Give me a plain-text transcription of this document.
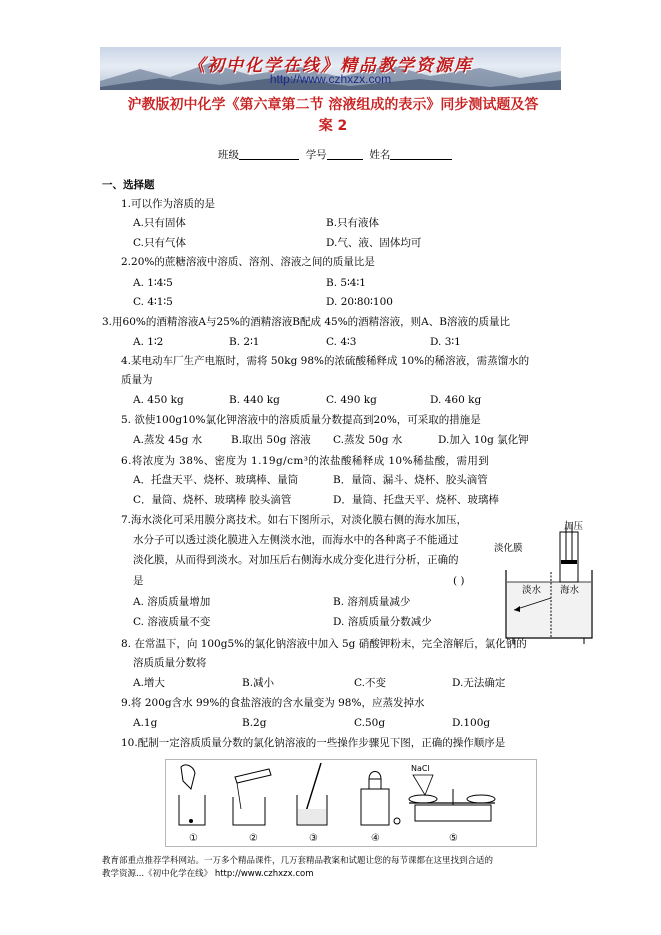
《初中化学在线》精品教学资源库
http://www.czhxzx.com
沪教版初中化学《第六章第二节 溶液组成的表示》同步测试题及答
案 2
班级	学号	姓名
一、选择题
1.可以作为溶质的是
A.只有固体	B.只有液体
C.只有气体	D.气、液、固体均可
2.20%的蔗糖溶液中溶质、溶剂、溶液之间的质量比是
A. 1∶4∶5	B. 5∶4∶1
C. 4∶1∶5	D. 20∶80∶100
3.用60%的酒精溶液A与25%的酒精溶液B配成 45%的酒精溶液，则A、B溶液的质量比
A. 1∶2	B. 2∶1	C. 4∶3	D. 3∶1
4.某电动车厂生产电瓶时，需将 50kg 98%的浓硫酸稀释成 10%的稀溶液，需蒸馏水的
质量为
A. 450 kg	B. 440 kg	C. 490 kg	D. 460 kg
5. 欲使100g10%氯化钾溶液中的溶质质量分数提高到20%，可采取的措施是
A.蒸发 45g 水	B.取出 50g 溶液 C.蒸发 50g 水	D.加入 10g 氯化钾
6.将浓度为 38%、密度为 1.19g/cm³的浓盐酸稀释成 10%稀盐酸，需用到
A．托盘天平、烧杯、玻璃棒、量筒	B．量筒、漏斗、烧杯、胶头滴管
C．量筒、烧杯、玻璃棒 胶头滴管	D．量筒、托盘天平、烧杯、玻璃棒
7.海水淡化可采用膜分离技术。如右下图所示，对淡化膜右侧的海水加压，
水分子可以透过淡化膜进入左侧淡水池，而海水中的各种离子不能通过
淡化膜，从而得到淡水。对加压后右侧海水成分变化进行分析，正确的
是	( )
A. 溶质质量增加	B. 溶剂质量减少
C. 溶液质量不变	D. 溶质质量分数减少
加压
淡化膜
淡水 海水
8. 在常温下，向 100g5%的氯化钠溶液中加入 5g 硝酸钾粉末，完全溶解后，氯化钠的
溶质质量分数将
A.增大	B.减小	C.不变	D.无法确定
9.将 200g含水 99%的食盐溶液的含水量变为 98%，应蒸发掉水
A.1g	B.2g	C.50g	D.100g
10.配制一定溶质质量分数的氯化钠溶液的一些操作步骤见下图，正确的操作顺序是
①	②	③	④	⑤
NaCl
教育部重点推荐学科网站。一万多个精品课件，几万套精品教案和试题让您的每节课都在这里找到合适的
教学资源...《初中化学在线》 http://www.czhxzx.com
